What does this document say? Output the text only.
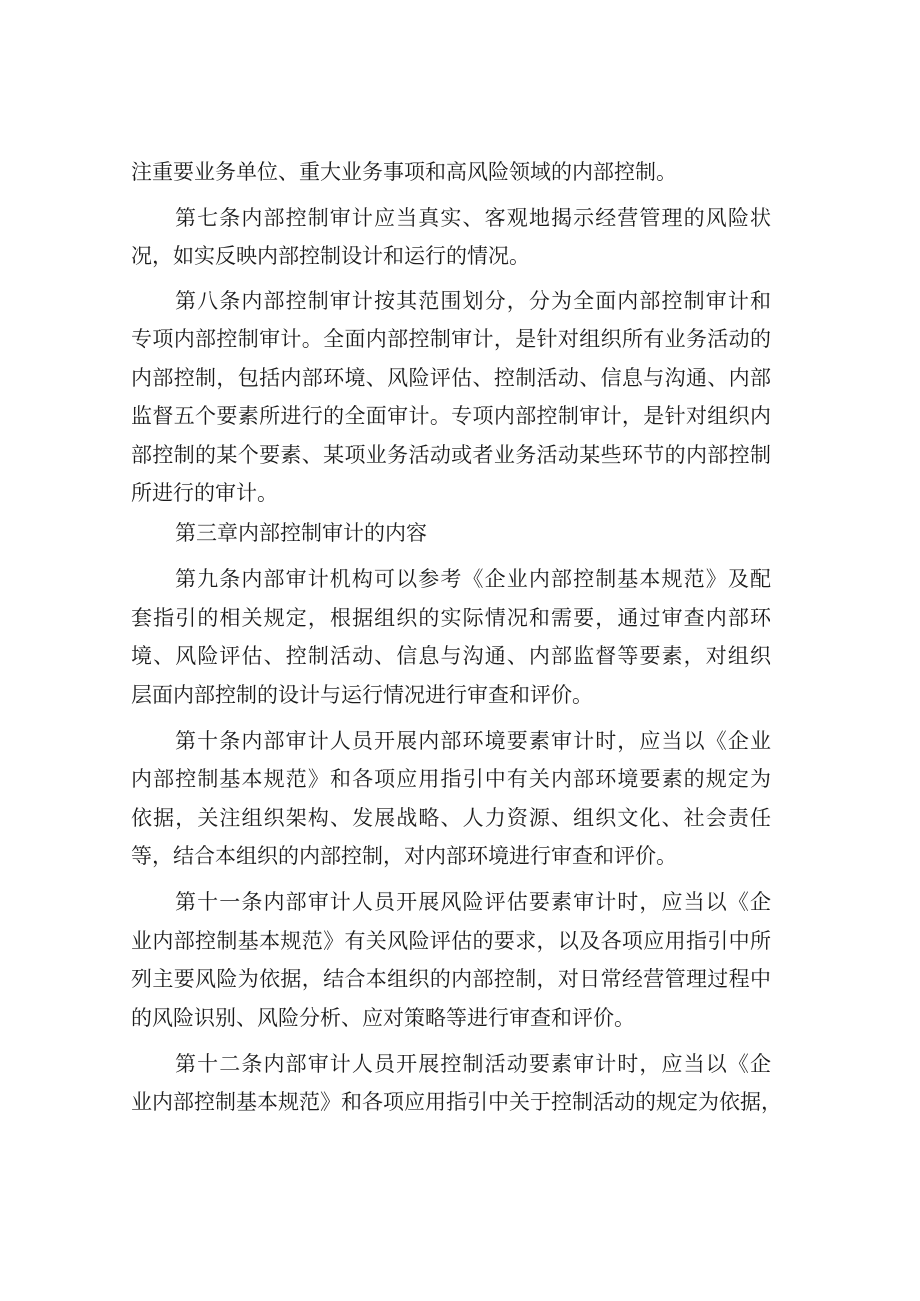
注重要业务单位、重大业务事项和高风险领域的内部控制。
第七条内部控制审计应当真实、客观地揭示经营管理的风险状
况，如实反映内部控制设计和运行的情况。
第八条内部控制审计按其范围划分，分为全面内部控制审计和
专项内部控制审计。全面内部控制审计，是针对组织所有业务活动的
内部控制，包括内部环境、风险评估、控制活动、信息与沟通、内部
监督五个要素所进行的全面审计。专项内部控制审计，是针对组织内
部控制的某个要素、某项业务活动或者业务活动某些环节的内部控制
所进行的审计。
第三章内部控制审计的内容
第九条内部审计机构可以参考《企业内部控制基本规范》及配
套指引的相关规定，根据组织的实际情况和需要，通过审查内部环
境、风险评估、控制活动、信息与沟通、内部监督等要素，对组织
层面内部控制的设计与运行情况进行审查和评价。
第十条内部审计人员开展内部环境要素审计时，应当以《企业
内部控制基本规范》和各项应用指引中有关内部环境要素的规定为
依据，关注组织架构、发展战略、人力资源、组织文化、社会责任
等，结合本组织的内部控制，对内部环境进行审查和评价。
第十一条内部审计人员开展风险评估要素审计时，应当以《企
业内部控制基本规范》有关风险评估的要求，以及各项应用指引中所
列主要风险为依据，结合本组织的内部控制，对日常经营管理过程中
的风险识别、风险分析、应对策略等进行审查和评价。
第十二条内部审计人员开展控制活动要素审计时，应当以《企
业内部控制基本规范》和各项应用指引中关于控制活动的规定为依据，
